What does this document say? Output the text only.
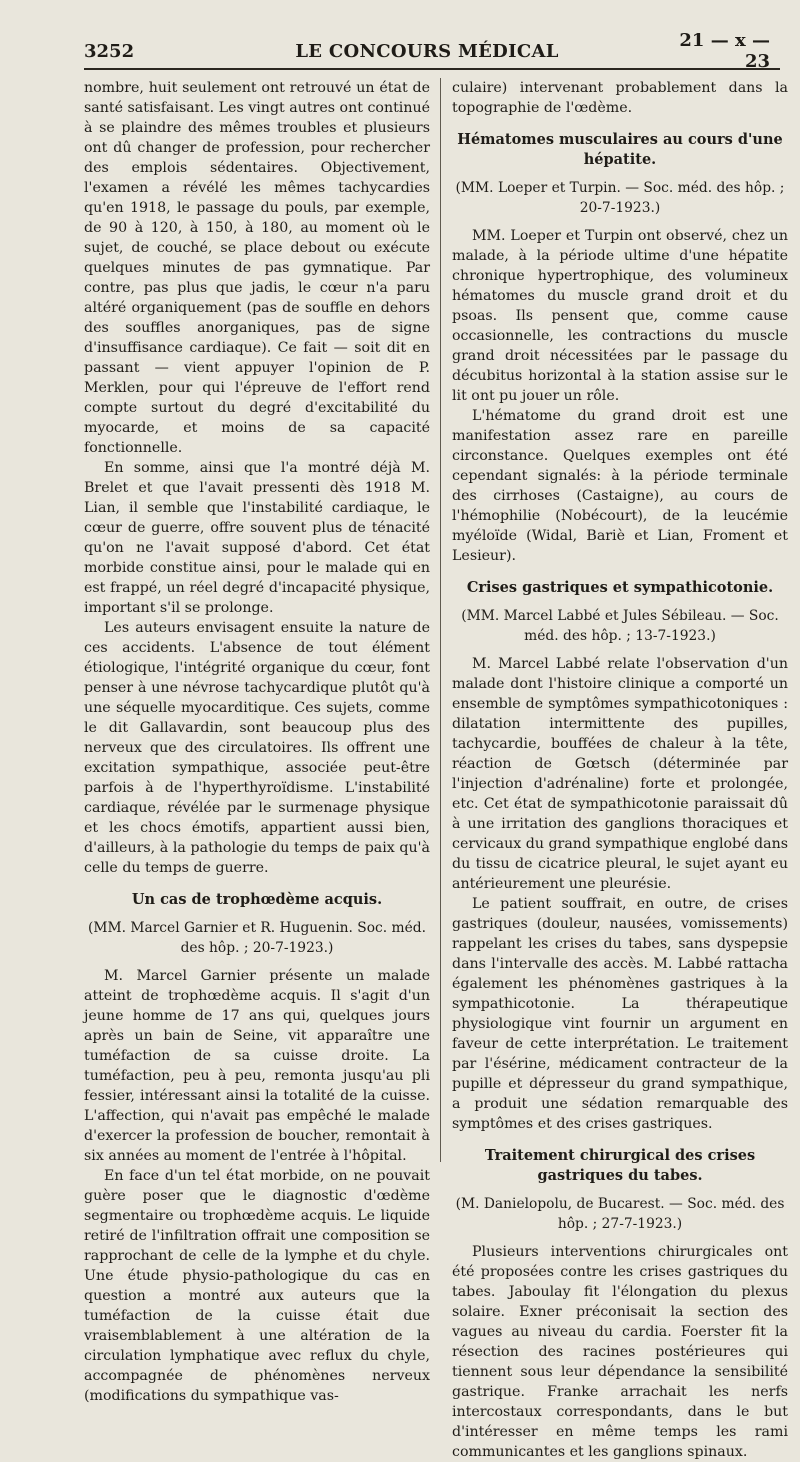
3252	LE CONCOURS MÉDICAL	21 — x — 23

nombre, huit seulement ont retrouvé un état de santé satisfaisant. Les vingt autres ont continué à se plaindre des mêmes troubles et plusieurs ont dû changer de profession, pour rechercher des emplois sédentaires. Objectivement, l'examen a révélé les mêmes tachycardies qu'en 1918, le passage du pouls, par exemple, de 90 à 120, à 150, à 180, au moment où le sujet, de couché, se place debout ou exécute quelques minutes de pas gymnatique. Par contre, pas plus que jadis, le cœur n'a paru altéré organiquement (pas de souffle en dehors des souffles anorganiques, pas de signe d'insuffisance cardiaque). Ce fait — soit dit en passant — vient appuyer l'opinion de P. Merklen, pour qui l'épreuve de l'effort rend compte surtout du degré d'excitabilité du myocarde, et moins de sa capacité fonctionnelle.

En somme, ainsi que l'a montré déjà M. Brelet et que l'avait pressenti dès 1918 M. Lian, il semble que l'instabilité cardiaque, le cœur de guerre, offre souvent plus de ténacité qu'on ne l'avait supposé d'abord. Cet état morbide constitue ainsi, pour le malade qui en est frappé, un réel degré d'incapacité physique, important s'il se prolonge.

Les auteurs envisagent ensuite la nature de ces accidents. L'absence de tout élément étiologique, l'intégrité organique du cœur, font penser à une névrose tachycardique plutôt qu'à une séquelle myocarditique. Ces sujets, comme le dit Gallavardin, sont beaucoup plus des nerveux que des circulatoires. Ils offrent une excitation sympathique, associée peut-être parfois à de l'hyperthyroïdisme. L'instabilité cardiaque, révélée par le surmenage physique et les chocs émotifs, appartient aussi bien, d'ailleurs, à la pathologie du temps de paix qu'à celle du temps de guerre.

Un cas de trophœdème acquis.
(MM. Marcel Garnier et R. Huguenin. Soc. méd. des hôp. ; 20-7-1923.)

M. Marcel Garnier présente un malade atteint de trophœdème acquis. Il s'agit d'un jeune homme de 17 ans qui, quelques jours après un bain de Seine, vit apparaître une tuméfaction de sa cuisse droite. La tuméfaction, peu à peu, remonta jusqu'au pli fessier, intéressant ainsi la totalité de la cuisse. L'affection, qui n'avait pas empêché le malade d'exercer la profession de boucher, remontait à six années au moment de l'entrée à l'hôpital.

En face d'un tel état morbide, on ne pouvait guère poser que le diagnostic d'œdème segmentaire ou trophœdème acquis. Le liquide retiré de l'infiltration offrait une composition se rapprochant de celle de la lymphe et du chyle. Une étude physio-pathologique du cas en question a montré aux auteurs que la tuméfaction de la cuisse était due vraisemblablement à une altération de la circulation lymphatique avec reflux du chyle, accompagnée de phénomènes nerveux (modifications du sympathique vas-

culaire) intervenant probablement dans la topographie de l'œdème.

Hématomes musculaires au cours d'une hépatite.
(MM. Loeper et Turpin. — Soc. méd. des hôp. ; 20-7-1923.)

MM. Loeper et Turpin ont observé, chez un malade, à la période ultime d'une hépatite chronique hypertrophique, des volumineux hématomes du muscle grand droit et du psoas. Ils pensent que, comme cause occasionnelle, les contractions du muscle grand droit nécessitées par le passage du décubitus horizontal à la station assise sur le lit ont pu jouer un rôle.

L'hématome du grand droit est une manifestation assez rare en pareille circonstance. Quelques exemples ont été cependant signalés: à la période terminale des cirrhoses (Castaigne), au cours de l'hémophilie (Nobécourt), de la leucémie myéloïde (Widal, Bariè et Lian, Froment et Lesieur).

Crises gastriques et sympathicotonie.
(MM. Marcel Labbé et Jules Sébileau. — Soc. méd. des hôp. ; 13-7-1923.)

M. Marcel Labbé relate l'observation d'un malade dont l'histoire clinique a comporté un ensemble de symptômes sympathicotoniques : dilatation intermittente des pupilles, tachycardie, bouffées de chaleur à la tête, réaction de Gœtsch (déterminée par l'injection d'adrénaline) forte et prolongée, etc. Cet état de sympathicotonie paraissait dû à une irritation des ganglions thoraciques et cervicaux du grand sympathique englobé dans du tissu de cicatrice pleural, le sujet ayant eu antérieurement une pleurésie.

Le patient souffrait, en outre, de crises gastriques (douleur, nausées, vomissements) rappelant les crises du tabes, sans dyspepsie dans l'intervalle des accès. M. Labbé rattacha également les phénomènes gastriques à la sympathicotonie. La thérapeutique physiologique vint fournir un argument en faveur de cette interprétation. Le traitement par l'ésérine, médicament contracteur de la pupille et dépresseur du grand sympathique, a produit une sédation remarquable des symptômes et des crises gastriques.

Traitement chirurgical des crises gastriques du tabes.
(M. Danielopolu, de Bucarest. — Soc. méd. des hôp. ; 27-7-1923.)

Plusieurs interventions chirurgicales ont été proposées contre les crises gastriques du tabes. Jaboulay fit l'élongation du plexus solaire. Exner préconisait la section des vagues au niveau du cardia. Foerster fit la résection des racines postérieures qui tiennent sous leur dépendance la sensibilité gastrique. Franke arrachait les nerfs intercostaux correspondants, dans le but d'intéresser en même temps les rami communicantes et les ganglions spinaux.
